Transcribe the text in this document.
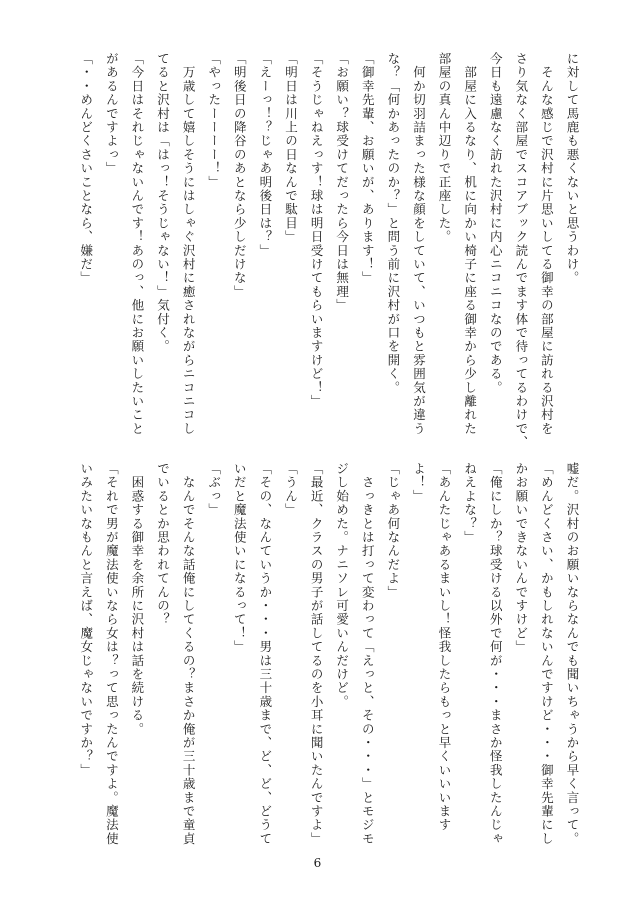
に対して馬鹿も悪くないと思うわけ。
　そんな感じで沢村に片思いしてる御幸の部屋に訪れる沢村を
さり気なく部屋でスコアブック読んでます体で待ってるわけで、
今日も遠慮なく訪れた沢村に内心ニコニコなのである。
　部屋に入るなり、机に向かい椅子に座る御幸から少し離れた
部屋の真ん中辺りで正座した。
　何か切羽詰まった様な顔をしていて、いつもと雰囲気が違う
な？「何かあったのか？」と問う前に沢村が口を開く。
「御幸先輩、お願いが、あります！」
「お願い？球受けてだったら今日は無理」
「そうじゃねえっす！球は明日受けてもらいますけど！」
「明日は川上の日なんで駄目」
「えーっ！？じゃあ明後日は？」
「明後日の降谷のあとなら少しだけな」
「やったーーーー！」
　万歳して嬉しそうにはしゃぐ沢村に癒されながらニコニコし
てると沢村は「はっ！そうじゃない！」気付く。
「今日はそれじゃないんです！あのっ、他にお願いしたいこと
があるんですよっ」
「・・めんどくさいことなら、嫌だ」
嘘だ。沢村のお願いならなんでも聞いちゃうから早く言って。
「めんどくさい、かもしれないんですけど・・・御幸先輩にし
かお願いできないんですけど」
「俺にしか？球受ける以外で何が・・・まさか怪我したんじゃ
ねえよな？」
「あんたじゃあるまいし！怪我したらもっと早くいいいます
よ！」
「じゃあ何なんだよ」
　さっきとは打って変わって「えっと、その・・・」とモジモ
ジし始めた。ナニソレ可愛いんだけど。
「最近、クラスの男子が話してるのを小耳に聞いたんですよ」
「うん」
「その、なんていうか・・・男は三十歳まで、ど、ど、どうて
いだと魔法使いになるって！」
「ぶっ」
　なんでそんな話俺にしてくるの？まさか俺が三十歳まで童貞
でいるとか思われてんの？
　困惑する御幸を余所に沢村は話を続ける。
「それで男が魔法使いなら女は？って思ったんですよ。魔法使
いみたいなもんと言えば、魔女じゃないですか？」
6
